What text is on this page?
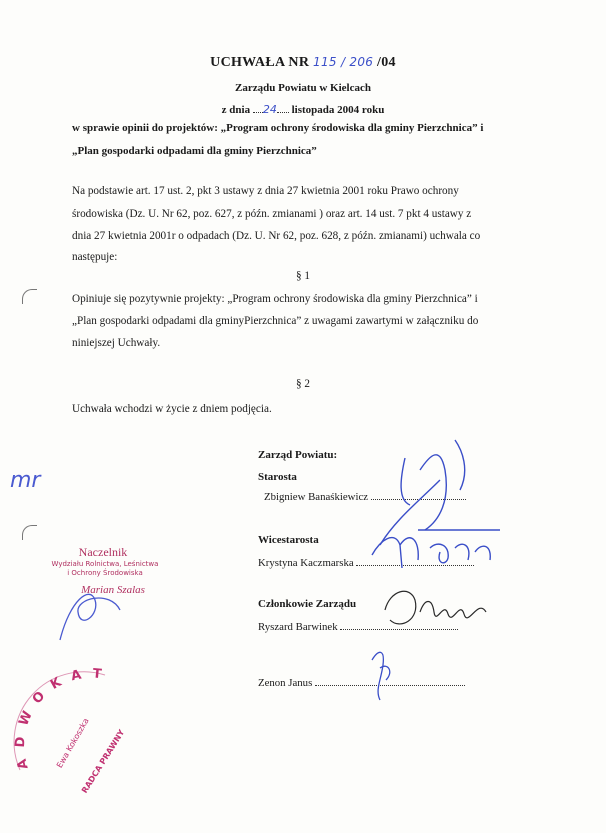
UCHWAŁA NR 115 / 206 /04
Zarządu Powiatu w Kielcach
z dnia 24 listopada 2004 roku
w sprawie opinii do projektów: „Program ochrony środowiska dla gminy Pierzchnica” i
„Plan gospodarki odpadami dla gminy Pierzchnica”
Na podstawie art. 17 ust. 2, pkt 3 ustawy z dnia 27 kwietnia 2001 roku Prawo ochrony
środowiska (Dz. U. Nr 62, poz. 627, z późn. zmianami ) oraz art. 14 ust. 7 pkt 4 ustawy z
dnia 27 kwietnia 2001r o odpadach (Dz. U. Nr 62, poz. 628, z późn. zmianami) uchwala co
następuje:
§ 1
Opiniuje się pozytywnie projekty: „Program ochrony środowiska dla gminy Pierzchnica” i
„Plan gospodarki odpadami dla gminyPierzchnica” z uwagami zawartymi w załączniku do
niniejszej Uchwały.
§ 2
Uchwała wchodzi w życie z dniem podjęcia.
Zarząd Powiatu:
Starosta
Zbigniew Banaśkiewicz
Wicestarosta
Krystyna Kaczmarska
Członkowie Zarządu
Ryszard Barwinek
Zenon Janus
mr
Naczelnik
Wydziału Rolnictwa, Leśnictwa
i Ochrony Środowiska
Marian Szalas
Ewa Kokoszka
RADCA PRAWNY
A D W O K A T
